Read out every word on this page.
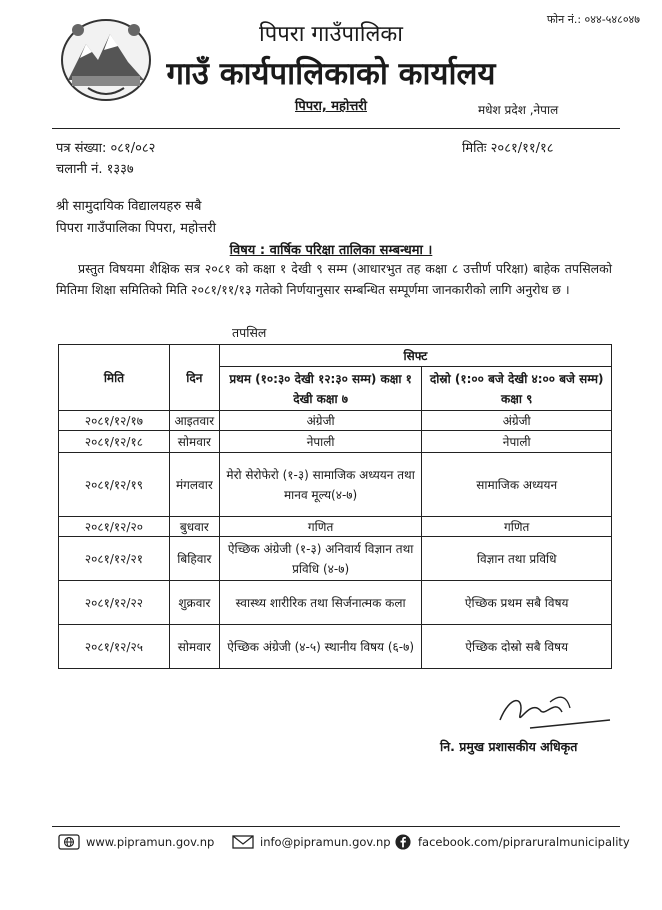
फोन नं.: ०४४-५४८०४७
पिपरा गाउँपालिका
गाउँ कार्यपालिकाको कार्यालय
पिपरा, महोत्तरी	मधेश प्रदेश ,नेपाल
पत्र संख्या: ०८१/०८२
चलानी नं. १३३७
मितिः २०८१/११/१८
श्री सामुदायिक विद्यालयहरु सबै
पिपरा गाउँपालिका पिपरा, महोत्तरी
विषय : वार्षिक परिक्षा तालिका सम्बन्धमा ।
प्रस्तुत विषयमा शैक्षिक सत्र २०८१ को कक्षा १ देखी ९ सम्म (आधारभुत तह कक्षा ८ उत्तीर्ण परिक्षा) बाहेक तपसिलको मितिमा शिक्षा समितिको मिति २०८१/११/१३ गतेको निर्णयानुसार सम्बन्धित सम्पूर्णमा जानकारीको लागि अनुरोध छ ।
तपसिल
मिति	दिन	सिफ्ट	
		प्रथम (१०:३० देखी १२:३० सम्म) कक्षा १ देखी कक्षा ७	दोस्रो (१:०० बजे देखी ४:०० बजे सम्म) कक्षा ९
२०८१/१२/१७	आइतवार	अंग्रेजी	अंग्रेजी
२०८१/१२/१८	सोमवार	नेपाली	नेपाली
२०८१/१२/१९	मंगलवार	मेरो सेरोफेरो (१-३) सामाजिक अध्ययन तथा मानव मूल्य(४-७)	सामाजिक अध्ययन
२०८१/१२/२०	बुधवार	गणित	गणित
२०८१/१२/२१	बिहिवार	ऐच्छिक अंग्रेजी (१-३) अनिवार्य विज्ञान तथा प्रविधि (४-७)	विज्ञान तथा प्रविधि
२०८१/१२/२२	शुक्रवार	स्वास्थ्य शारीरिक तथा सिर्जनात्मक कला	ऐच्छिक प्रथम सबै विषय
२०८१/१२/२५	सोमवार	ऐच्छिक अंग्रेजी (४-५) स्थानीय विषय (६-७)	ऐच्छिक दोस्रो सबै विषय
नि. प्रमुख प्रशासकीय अधिकृत
www.pipramun.gov.np	info@pipramun.gov.np facebook.com/piprarural​municipality
